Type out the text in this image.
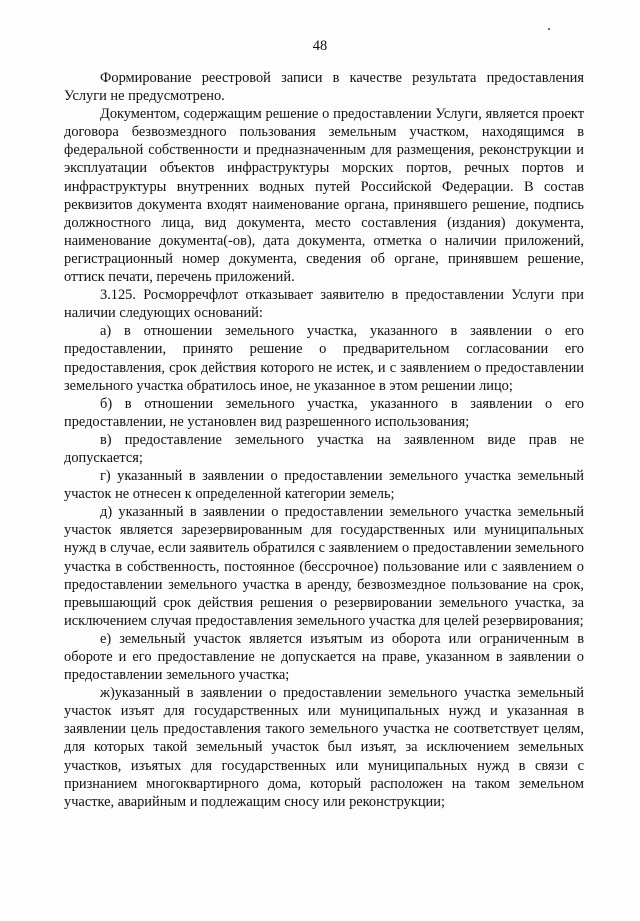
48

Формирование реестровой записи в качестве результата предоставления Услуги не предусмотрено.

Документом, содержащим решение о предоставлении Услуги, является проект договора безвозмездного пользования земельным участком, находящимся в федеральной собственности и предназначенным для размещения, реконструкции и эксплуатации объектов инфраструктуры морских портов, речных портов и инфраструктуры внутренних водных путей Российской Федерации. В состав реквизитов документа входят наименование органа, принявшего решение, подпись должностного лица, вид документа, место составления (издания) документа, наименование документа(-ов), дата документа, отметка о наличии приложений, регистрационный номер документа, сведения об органе, принявшем решение, оттиск печати, перечень приложений.

3.125. Росморречфлот отказывает заявителю в предоставлении Услуги при наличии следующих оснований:

а) в отношении земельного участка, указанного в заявлении о его предоставлении, принято решение о предварительном согласовании его предоставления, срок действия которого не истек, и с заявлением о предоставлении земельного участка обратилось иное, не указанное в этом решении лицо;

б) в отношении земельного участка, указанного в заявлении о его предоставлении, не установлен вид разрешенного использования;

в) предоставление земельного участка на заявленном виде прав не допускается;

г) указанный в заявлении о предоставлении земельного участка земельный участок не отнесен к определенной категории земель;

д) указанный в заявлении о предоставлении земельного участка земельный участок является зарезервированным для государственных или муниципальных нужд в случае, если заявитель обратился с заявлением о предоставлении земельного участка в собственность, постоянное (бессрочное) пользование или с заявлением о предоставлении земельного участка в аренду, безвозмездное пользование на срок, превышающий срок действия решения о резервировании земельного участка, за исключением случая предоставления земельного участка для целей резервирования;

е) земельный участок является изъятым из оборота или ограниченным в обороте и его предоставление не допускается на праве, указанном в заявлении о предоставлении земельного участка;

ж)указанный в заявлении о предоставлении земельного участка земельный участок изъят для государственных или муниципальных нужд и указанная в заявлении цель предоставления такого земельного участка не соответствует целям, для которых такой земельный участок был изъят, за исключением земельных участков, изъятых для государственных или муниципальных нужд в связи с признанием многоквартирного дома, который расположен на таком земельном участке, аварийным и подлежащим сносу или реконструкции;
